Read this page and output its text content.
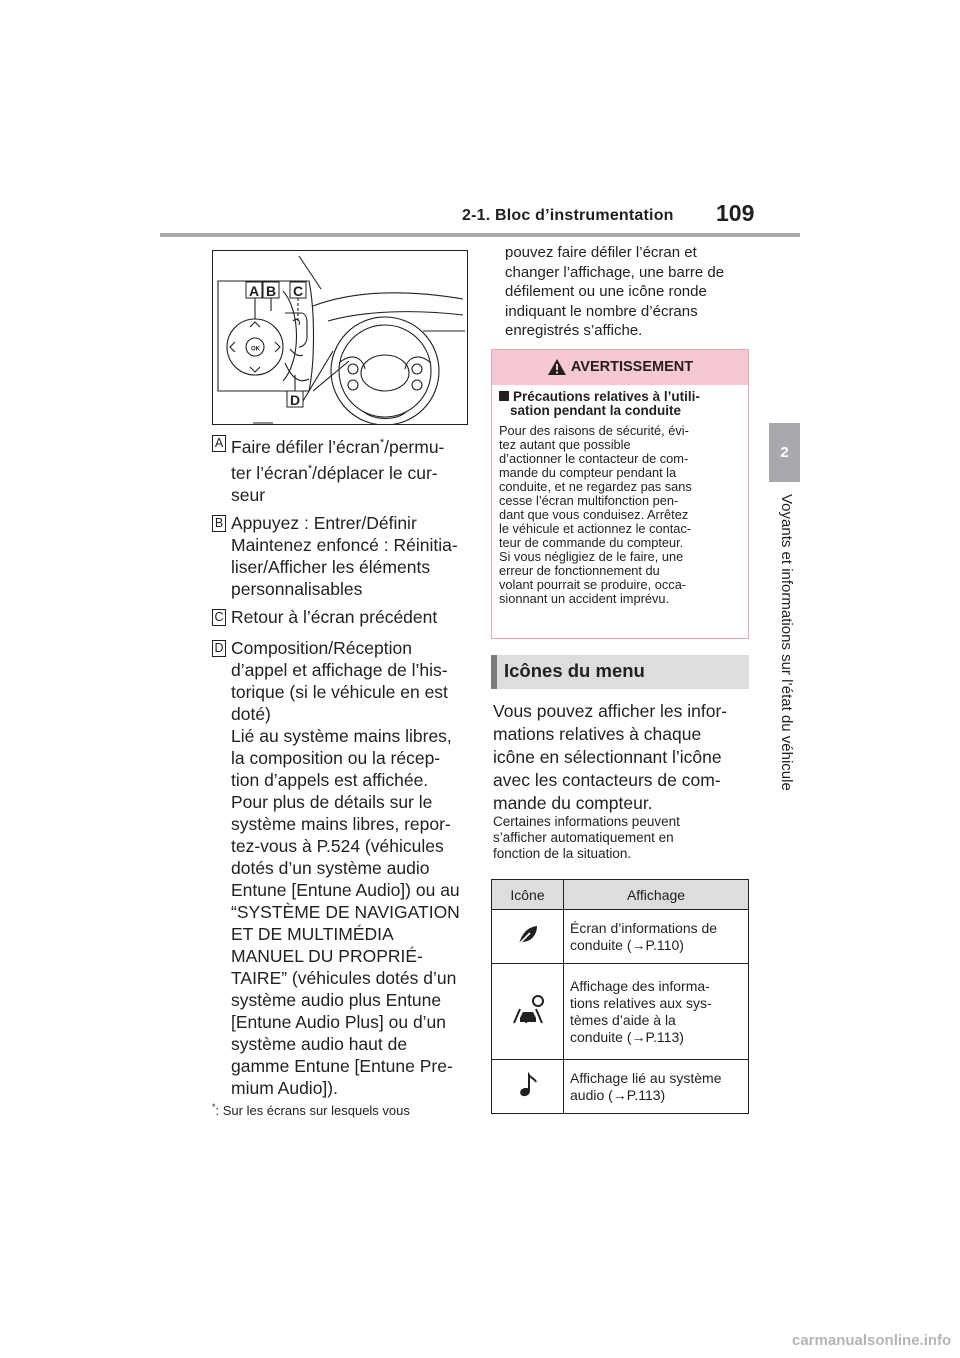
2-1. Bloc d’instrumentation 109
2
Voyants et informations sur l’état du véhicule
OK
A B C
D
A Faire défiler l’écran*/permu-
ter l’écran*/déplacer le cur-
seur
B Appuyez : Entrer/Définir
Maintenez enfoncé : Réinitia-
liser/Afficher les éléments
personnalisables
C Retour à l’écran précédent
D Composition/Réception
d’appel et affichage de l’his-
torique (si le véhicule en est
doté)
Lié au système mains libres,
la composition ou la récep-
tion d’appels est affichée.
Pour plus de détails sur le
système mains libres, repor-
tez-vous à P.524 (véhicules
dotés d’un système audio
Entune [Entune Audio]) ou au
“SYSTÈME DE NAVIGATION
ET DE MULTIMÉDIA
MANUEL DU PROPRIÉ-
TAIRE” (véhicules dotés d’un
système audio plus Entune
[Entune Audio Plus] ou d’un
système audio haut de
gamme Entune [Entune Pre-
mium Audio]).
*: Sur les écrans sur lesquels vous
pouvez faire défiler l’écran et
changer l’affichage, une barre de
défilement ou une icône ronde
indiquant le nombre d’écrans
enregistrés s’affiche.
AVERTISSEMENT
Précautions relatives à l’utili-
sation pendant la conduite
Pour des raisons de sécurité, évi-
tez autant que possible
d’actionner le contacteur de com-
mande du compteur pendant la
conduite, et ne regardez pas sans
cesse l’écran multifonction pen-
dant que vous conduisez. Arrêtez
le véhicule et actionnez le contac-
teur de commande du compteur.
Si vous négligiez de le faire, une
erreur de fonctionnement du
volant pourrait se produire, occa-
sionnant un accident imprévu.
Icônes du menu
Vous pouvez afficher les infor-
mations relatives à chaque
icône en sélectionnant l’icône
avec les contacteurs de com-
mande du compteur.
Certaines informations peuvent
s’afficher automatiquement en
fonction de la situation.
Icône	Affichage
	Écran d’informations de
conduite (→P.110)
	Affichage des informa-
tions relatives aux sys-
tèmes d’aide à la
conduite (→P.113)
	Affichage lié au système
audio (→P.113)
carmanualsonline.info
